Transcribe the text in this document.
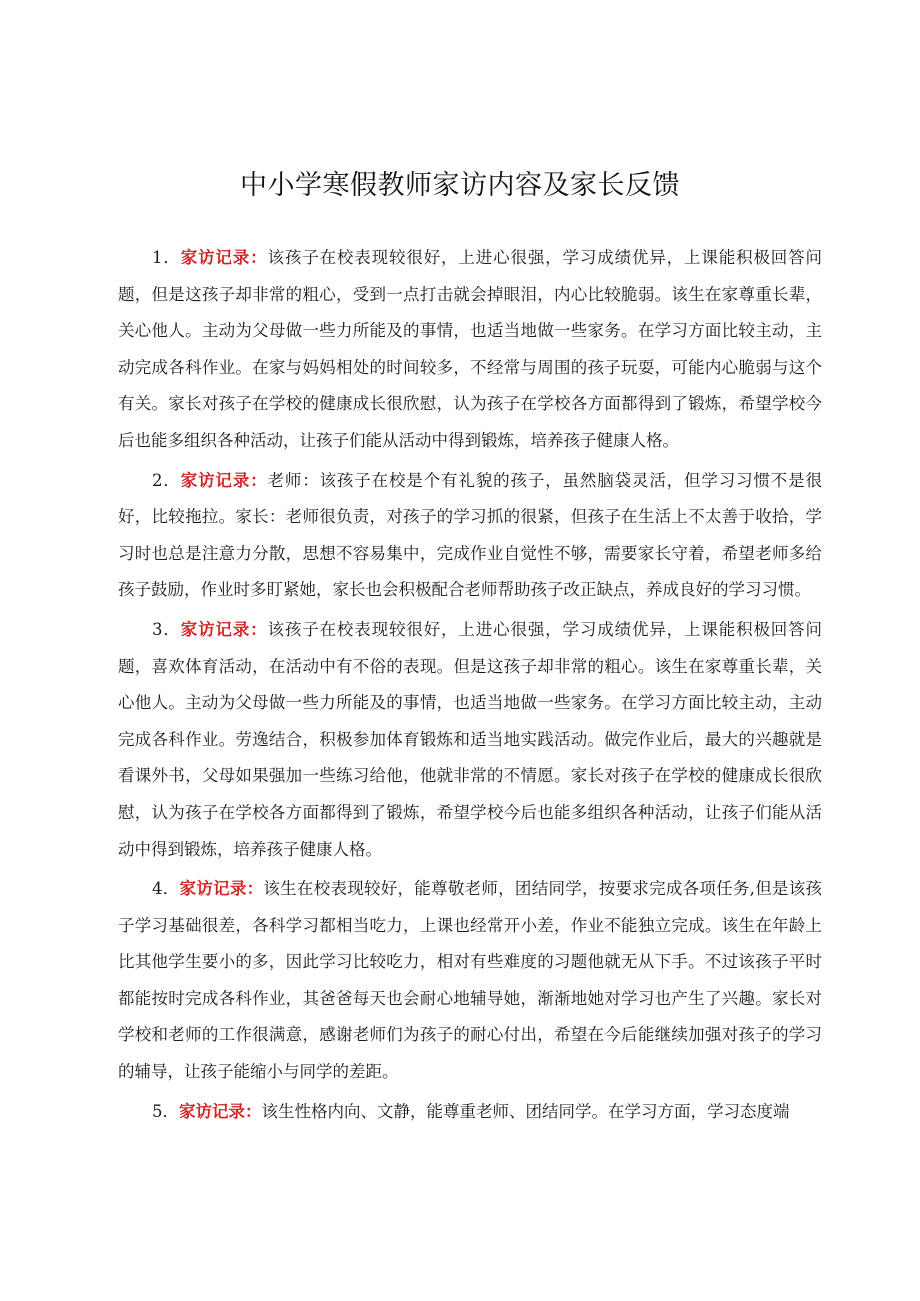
中小学寒假教师家访内容及家长反馈

1．家访记录：该孩子在校表现较很好，上进心很强，学习成绩优异，上课能积极回答问题，但是这孩子却非常的粗心，受到一点打击就会掉眼泪，内心比较脆弱。该生在家尊重长辈，关心他人。主动为父母做一些力所能及的事情，也适当地做一些家务。在学习方面比较主动，主动完成各科作业。在家与妈妈相处的时间较多，不经常与周围的孩子玩耍，可能内心脆弱与这个有关。家长对孩子在学校的健康成长很欣慰，认为孩子在学校各方面都得到了锻炼，希望学校今后也能多组织各种活动，让孩子们能从活动中得到锻炼，培养孩子健康人格。

2．家访记录：老师：该孩子在校是个有礼貌的孩子，虽然脑袋灵活，但学习习惯不是很好，比较拖拉。家长：老师很负责，对孩子的学习抓的很紧，但孩子在生活上不太善于收拾，学习时也总是注意力分散，思想不容易集中，完成作业自觉性不够，需要家长守着，希望老师多给孩子鼓励，作业时多盯紧她，家长也会积极配合老师帮助孩子改正缺点，养成良好的学习习惯。

3．家访记录：该孩子在校表现较很好，上进心很强，学习成绩优异，上课能积极回答问题，喜欢体育活动，在活动中有不俗的表现。但是这孩子却非常的粗心。该生在家尊重长辈，关心他人。主动为父母做一些力所能及的事情，也适当地做一些家务。在学习方面比较主动，主动完成各科作业。劳逸结合，积极参加体育锻炼和适当地实践活动。做完作业后，最大的兴趣就是看课外书，父母如果强加一些练习给他，他就非常的不情愿。家长对孩子在学校的健康成长很欣慰，认为孩子在学校各方面都得到了锻炼，希望学校今后也能多组织各种活动，让孩子们能从活动中得到锻炼，培养孩子健康人格。

4．家访记录：该生在校表现较好，能尊敬老师，团结同学，按要求完成各项任务,但是该孩子学习基础很差，各科学习都相当吃力，上课也经常开小差，作业不能独立完成。该生在年龄上比其他学生要小的多，因此学习比较吃力，相对有些难度的习题他就无从下手。不过该孩子平时都能按时完成各科作业，其爸爸每天也会耐心地辅导她，渐渐地她对学习也产生了兴趣。家长对学校和老师的工作很满意，感谢老师们为孩子的耐心付出，希望在今后能继续加强对孩子的学习的辅导，让孩子能缩小与同学的差距。

5．家访记录：该生性格内向、文静，能尊重老师、团结同学。在学习方面，学习态度端
